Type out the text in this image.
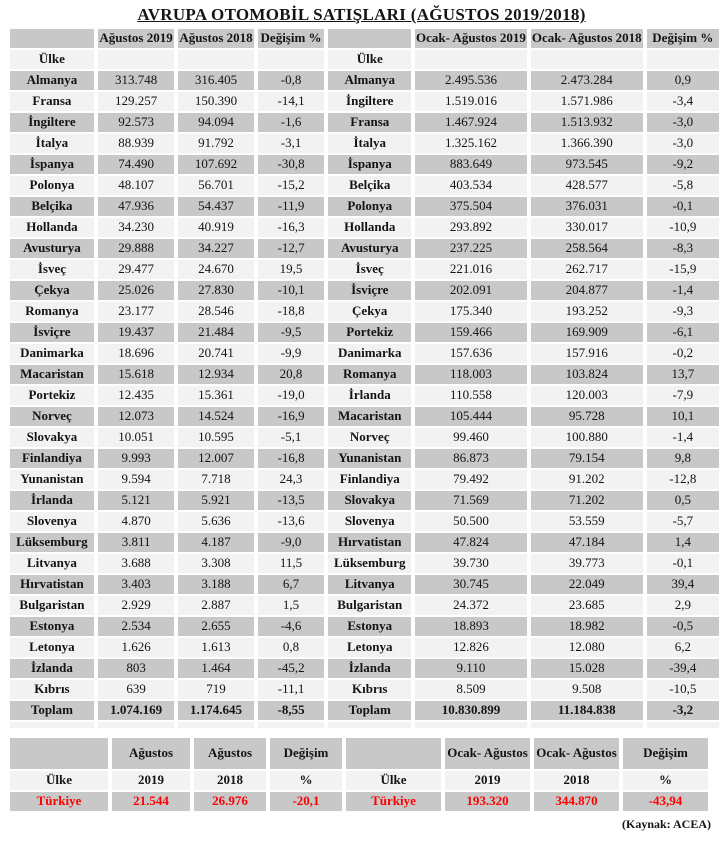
AVRUPA OTOMOBİL SATIŞLARI (AĞUSTOS 2019/2018)
	Ağustos 2019	Ağustos 2018	Değişim %		Ocak- Ağustos 2019	Ocak- Ağustos 2018	Değişim %
Ülke				Ülke			
Almanya	313.748	316.405	-0,8	Almanya	2.495.536	2.473.284	0,9
Fransa	129.257	150.390	-14,1	İngiltere	1.519.016	1.571.986	-3,4
İngiltere	92.573	94.094	-1,6	Fransa	1.467.924	1.513.932	-3,0
İtalya	88.939	91.792	-3,1	İtalya	1.325.162	1.366.390	-3,0
İspanya	74.490	107.692	-30,8	İspanya	883.649	973.545	-9,2
Polonya	48.107	56.701	-15,2	Belçika	403.534	428.577	-5,8
Belçika	47.936	54.437	-11,9	Polonya	375.504	376.031	-0,1
Hollanda	34.230	40.919	-16,3	Hollanda	293.892	330.017	-10,9
Avusturya	29.888	34.227	-12,7	Avusturya	237.225	258.564	-8,3
İsveç	29.477	24.670	19,5	İsveç	221.016	262.717	-15,9
Çekya	25.026	27.830	-10,1	İsviçre	202.091	204.877	-1,4
Romanya	23.177	28.546	-18,8	Çekya	175.340	193.252	-9,3
İsviçre	19.437	21.484	-9,5	Portekiz	159.466	169.909	-6,1
Danimarka	18.696	20.741	-9,9	Danimarka	157.636	157.916	-0,2
Macaristan	15.618	12.934	20,8	Romanya	118.003	103.824	13,7
Portekiz	12.435	15.361	-19,0	İrlanda	110.558	120.003	-7,9
Norveç	12.073	14.524	-16,9	Macaristan	105.444	95.728	10,1
Slovakya	10.051	10.595	-5,1	Norveç	99.460	100.880	-1,4
Finlandiya	9.993	12.007	-16,8	Yunanistan	86.873	79.154	9,8
Yunanistan	9.594	7.718	24,3	Finlandiya	79.492	91.202	-12,8
İrlanda	5.121	5.921	-13,5	Slovakya	71.569	71.202	0,5
Slovenya	4.870	5.636	-13,6	Slovenya	50.500	53.559	-5,7
Lüksemburg	3.811	4.187	-9,0	Hırvatistan	47.824	47.184	1,4
Litvanya	3.688	3.308	11,5	Lüksemburg	39.730	39.773	-0,1
Hırvatistan	3.403	3.188	6,7	Litvanya	30.745	22.049	39,4
Bulgaristan	2.929	2.887	1,5	Bulgaristan	24.372	23.685	2,9
Estonya	2.534	2.655	-4,6	Estonya	18.893	18.982	-0,5
Letonya	1.626	1.613	0,8	Letonya	12.826	12.080	6,2
İzlanda	803	1.464	-45,2	İzlanda	9.110	15.028	-39,4
Kıbrıs	639	719	-11,1	Kıbrıs	8.509	9.508	-10,5
Toplam	1.074.169	1.174.645	-8,55	Toplam	10.830.899	11.184.838	-3,2

	Ağustos	Ağustos	Değişim		Ocak- Ağustos	Ocak- Ağustos	Değişim
Ülke	2019	2018	%	Ülke	2019	2018	%
Türkiye	21.544	26.976	-20,1	Türkiye	193.320	344.870	-43,94
(Kaynak: ACEA)
